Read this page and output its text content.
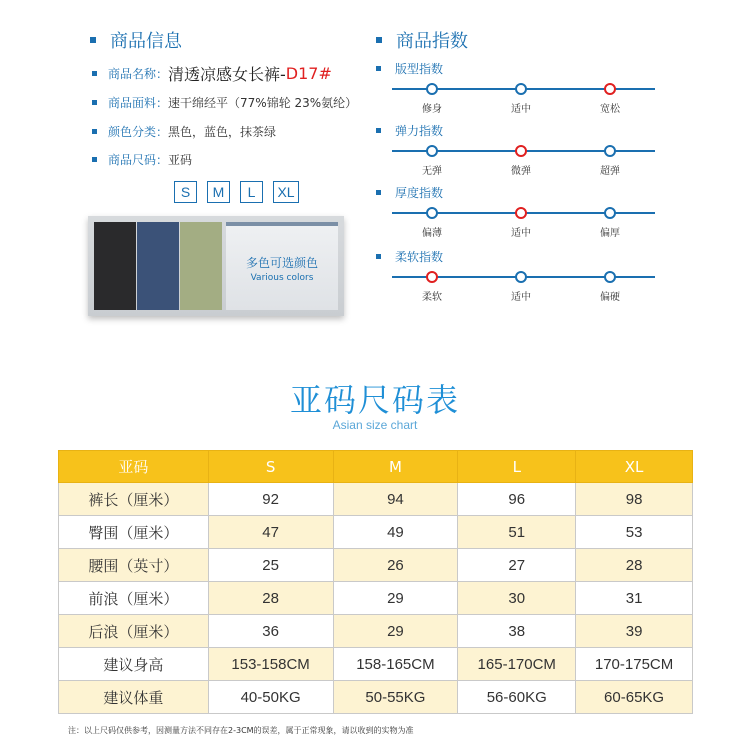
商品信息
商品名称： 清透凉感女长裤- D17#
商品面料： 速干绵经平（77%锦轮 23%氨纶）
颜色分类： 黑色，蓝色，抹茶绿
商品尺码： 亚码
S	M	L	XL
多色可选颜色
Various colors
商品指数
版型指数
修身	适中	宽松
弹力指数
无弹	微弹	超弹
厚度指数
偏薄	适中	偏厚
柔软指数
柔软	适中	偏硬
亚码尺码表
Asian size chart
亚码	S	M	L	XL
裤长（厘米）	92	94	96	98
臀围（厘米）	47	49	51	53
腰围（英寸）	25	26	27	28
前浪（厘米）	28	29	30	31
后浪（厘米）	36	29	38	39
建议身高	153-158CM	158-165CM	165-170CM	170-175CM
建议体重	40-50KG	50-55KG	56-60KG	60-65KG
注：以上尺码仅供参考，因测量方法不同存在2-3CM的误差，属于正常现象，请以收到的实物为准
